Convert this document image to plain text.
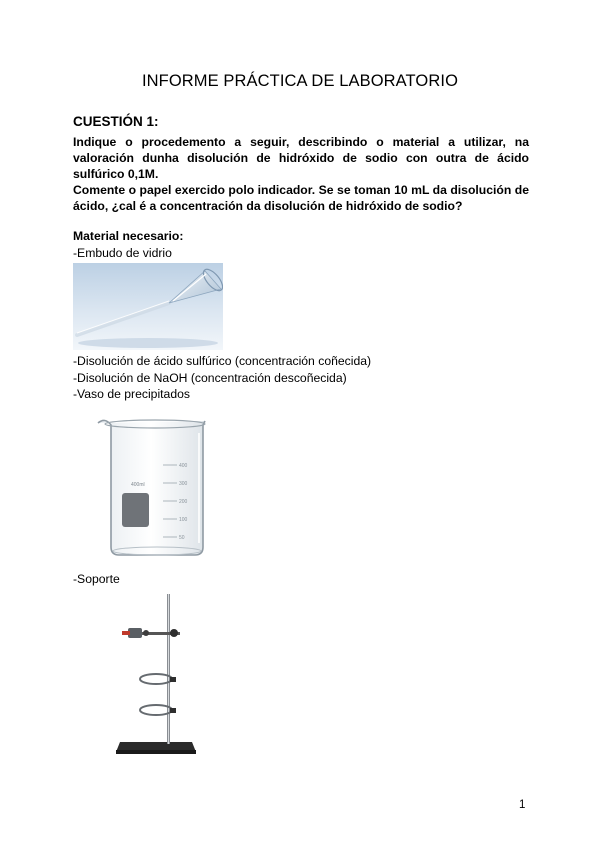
INFORME PRÁCTICA DE LABORATORIO
CUESTIÓN 1:

Indique o procedemento a seguir, describindo o material a utilizar, na valoración dunha disolución de hidróxido de sodio con outra de ácido sulfúrico 0,1M.

Comente o papel exercido polo indicador. Se se toman 10 mL da disolución de ácido, ¿cal é a concentración da disolución de hidróxido de sodio?

Material necesario:
-Embudo de vidrio
-Disolución de ácido sulfúrico (concentración coñecida)
-Disolución de NaOH (concentración descoñecida)
-Vaso de precipitados
400ml
400
300
200
100
50
-Soporte
1
